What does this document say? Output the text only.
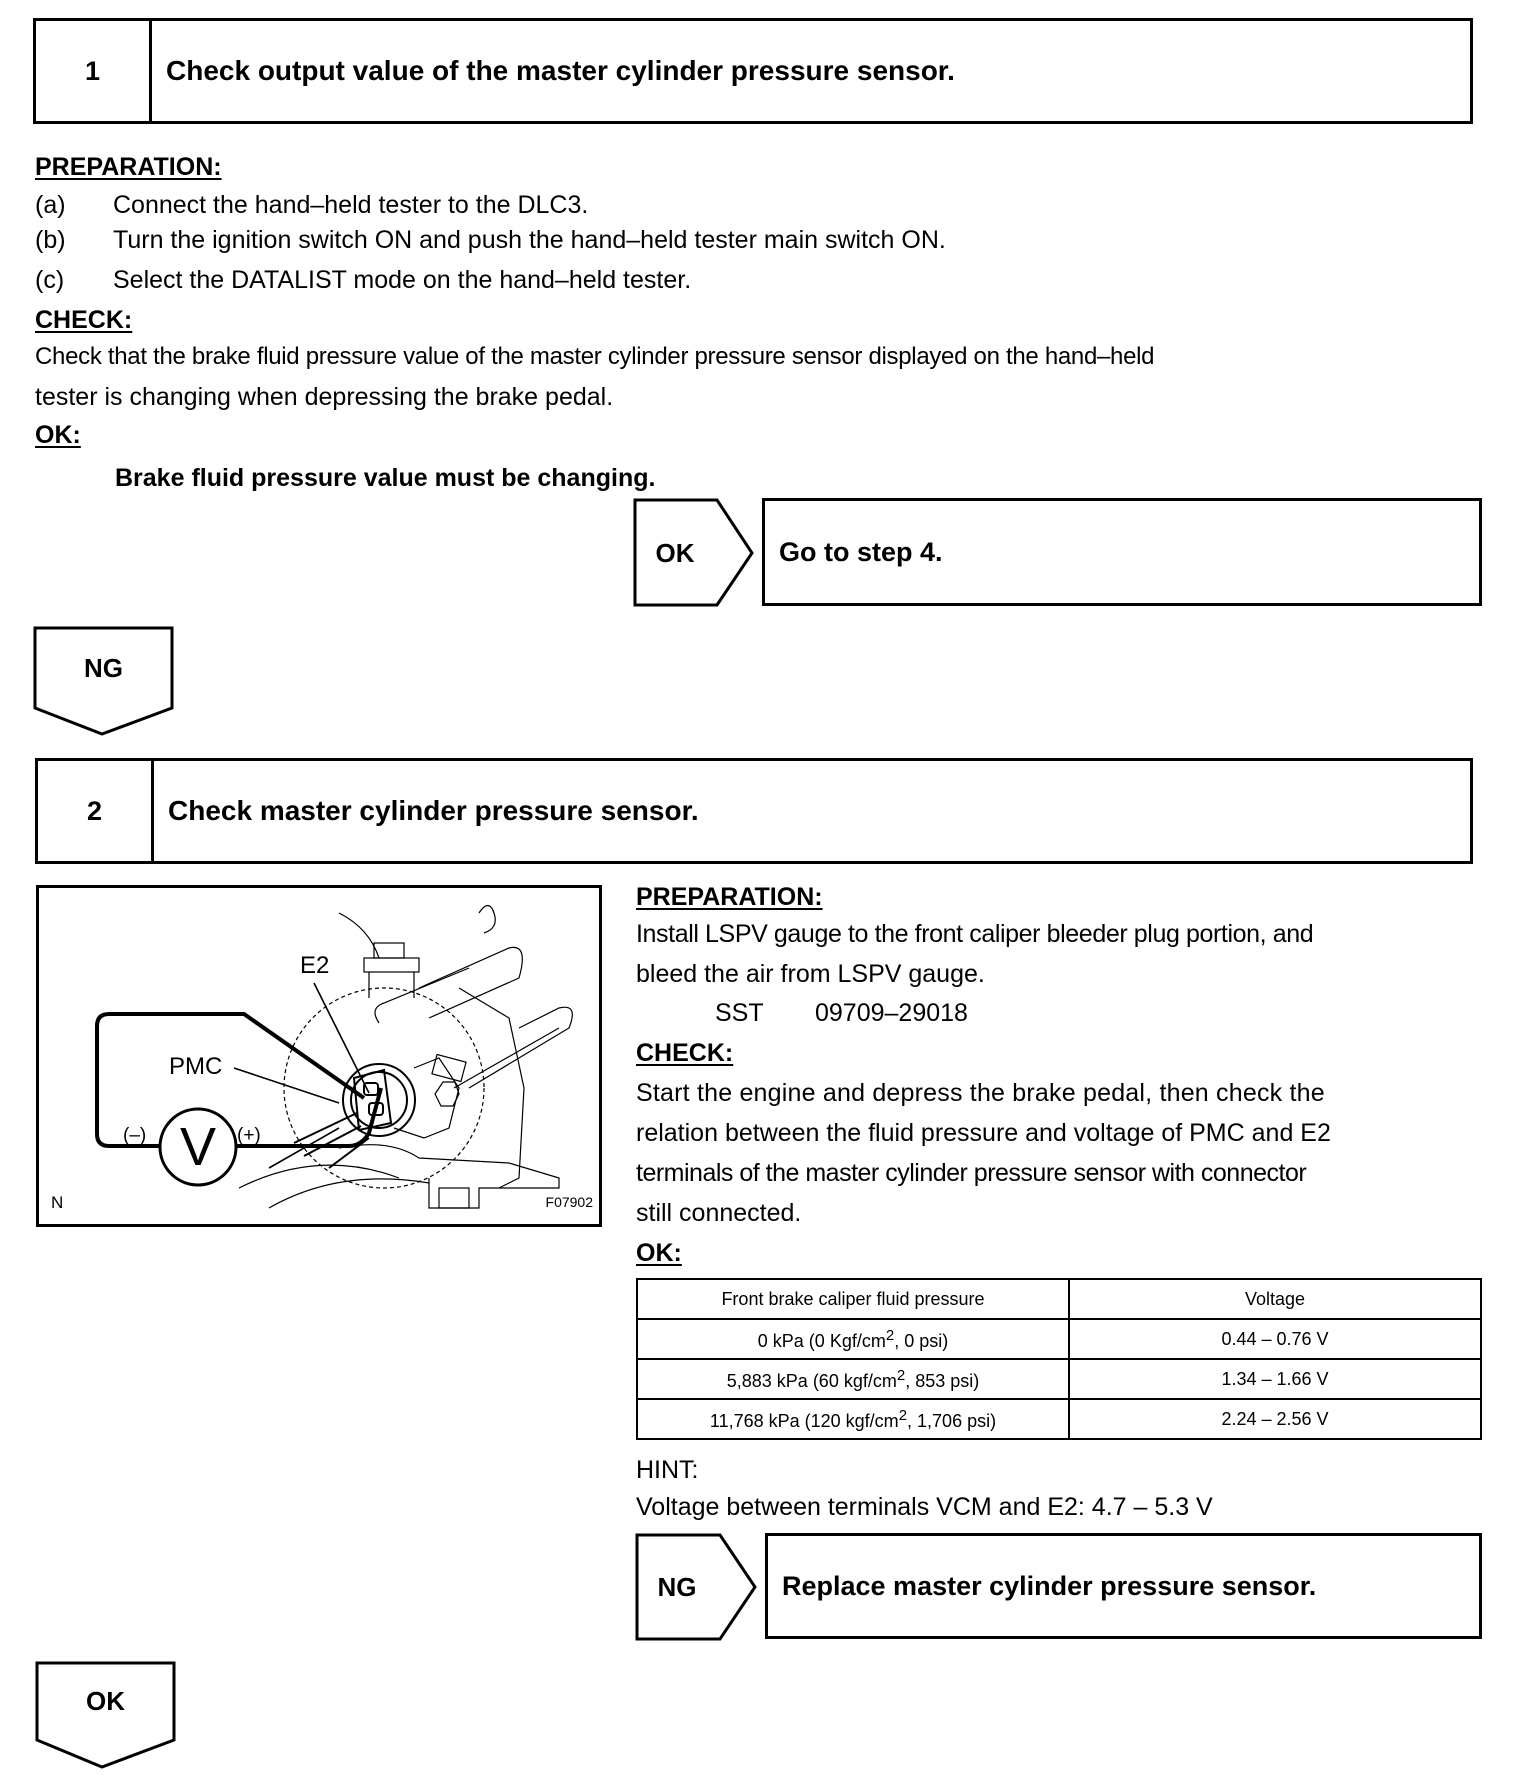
1	Check output value of the master cylinder pressure sensor.
PREPARATION:
(a) Connect the hand–held tester to the DLC3.
(b) Turn the ignition switch ON and push the hand–held tester main switch ON.
(c) Select the DATALIST mode on the hand–held tester.
CHECK:
Check that the brake fluid pressure value of the master cylinder pressure sensor displayed on the hand–held
tester is changing when depressing the brake pedal.
OK:
Brake fluid pressure value must be changing.
OK	Go to step 4.
NG
2	Check master cylinder pressure sensor.
E2
PMC
(–)	(+)
V
N	F07902
PREPARATION:
Install LSPV gauge to the front caliper bleeder plug portion, and
bleed the air from LSPV gauge.
SST 09709–29018
CHECK:
Start the engine and depress the brake pedal, then check the
relation between the fluid pressure and voltage of PMC and E2
terminals of the master cylinder pressure sensor with connector
still connected.
OK:
Front brake caliper fluid pressure	Voltage
0 kPa (0 Kgf/$cm^2$, 0 psi)	0.44 – 0.76 V
5,883 kPa (60 kgf/$cm^2$, 853 psi)	1.34 – 1.66 V
11,768 kPa (120 kgf/$cm^2$, 1,706 psi)	2.24 – 2.56 V
HINT:
Voltage between terminals VCM and E2: 4.7 – 5.3 V
NG	Replace master cylinder pressure sensor.
OK
